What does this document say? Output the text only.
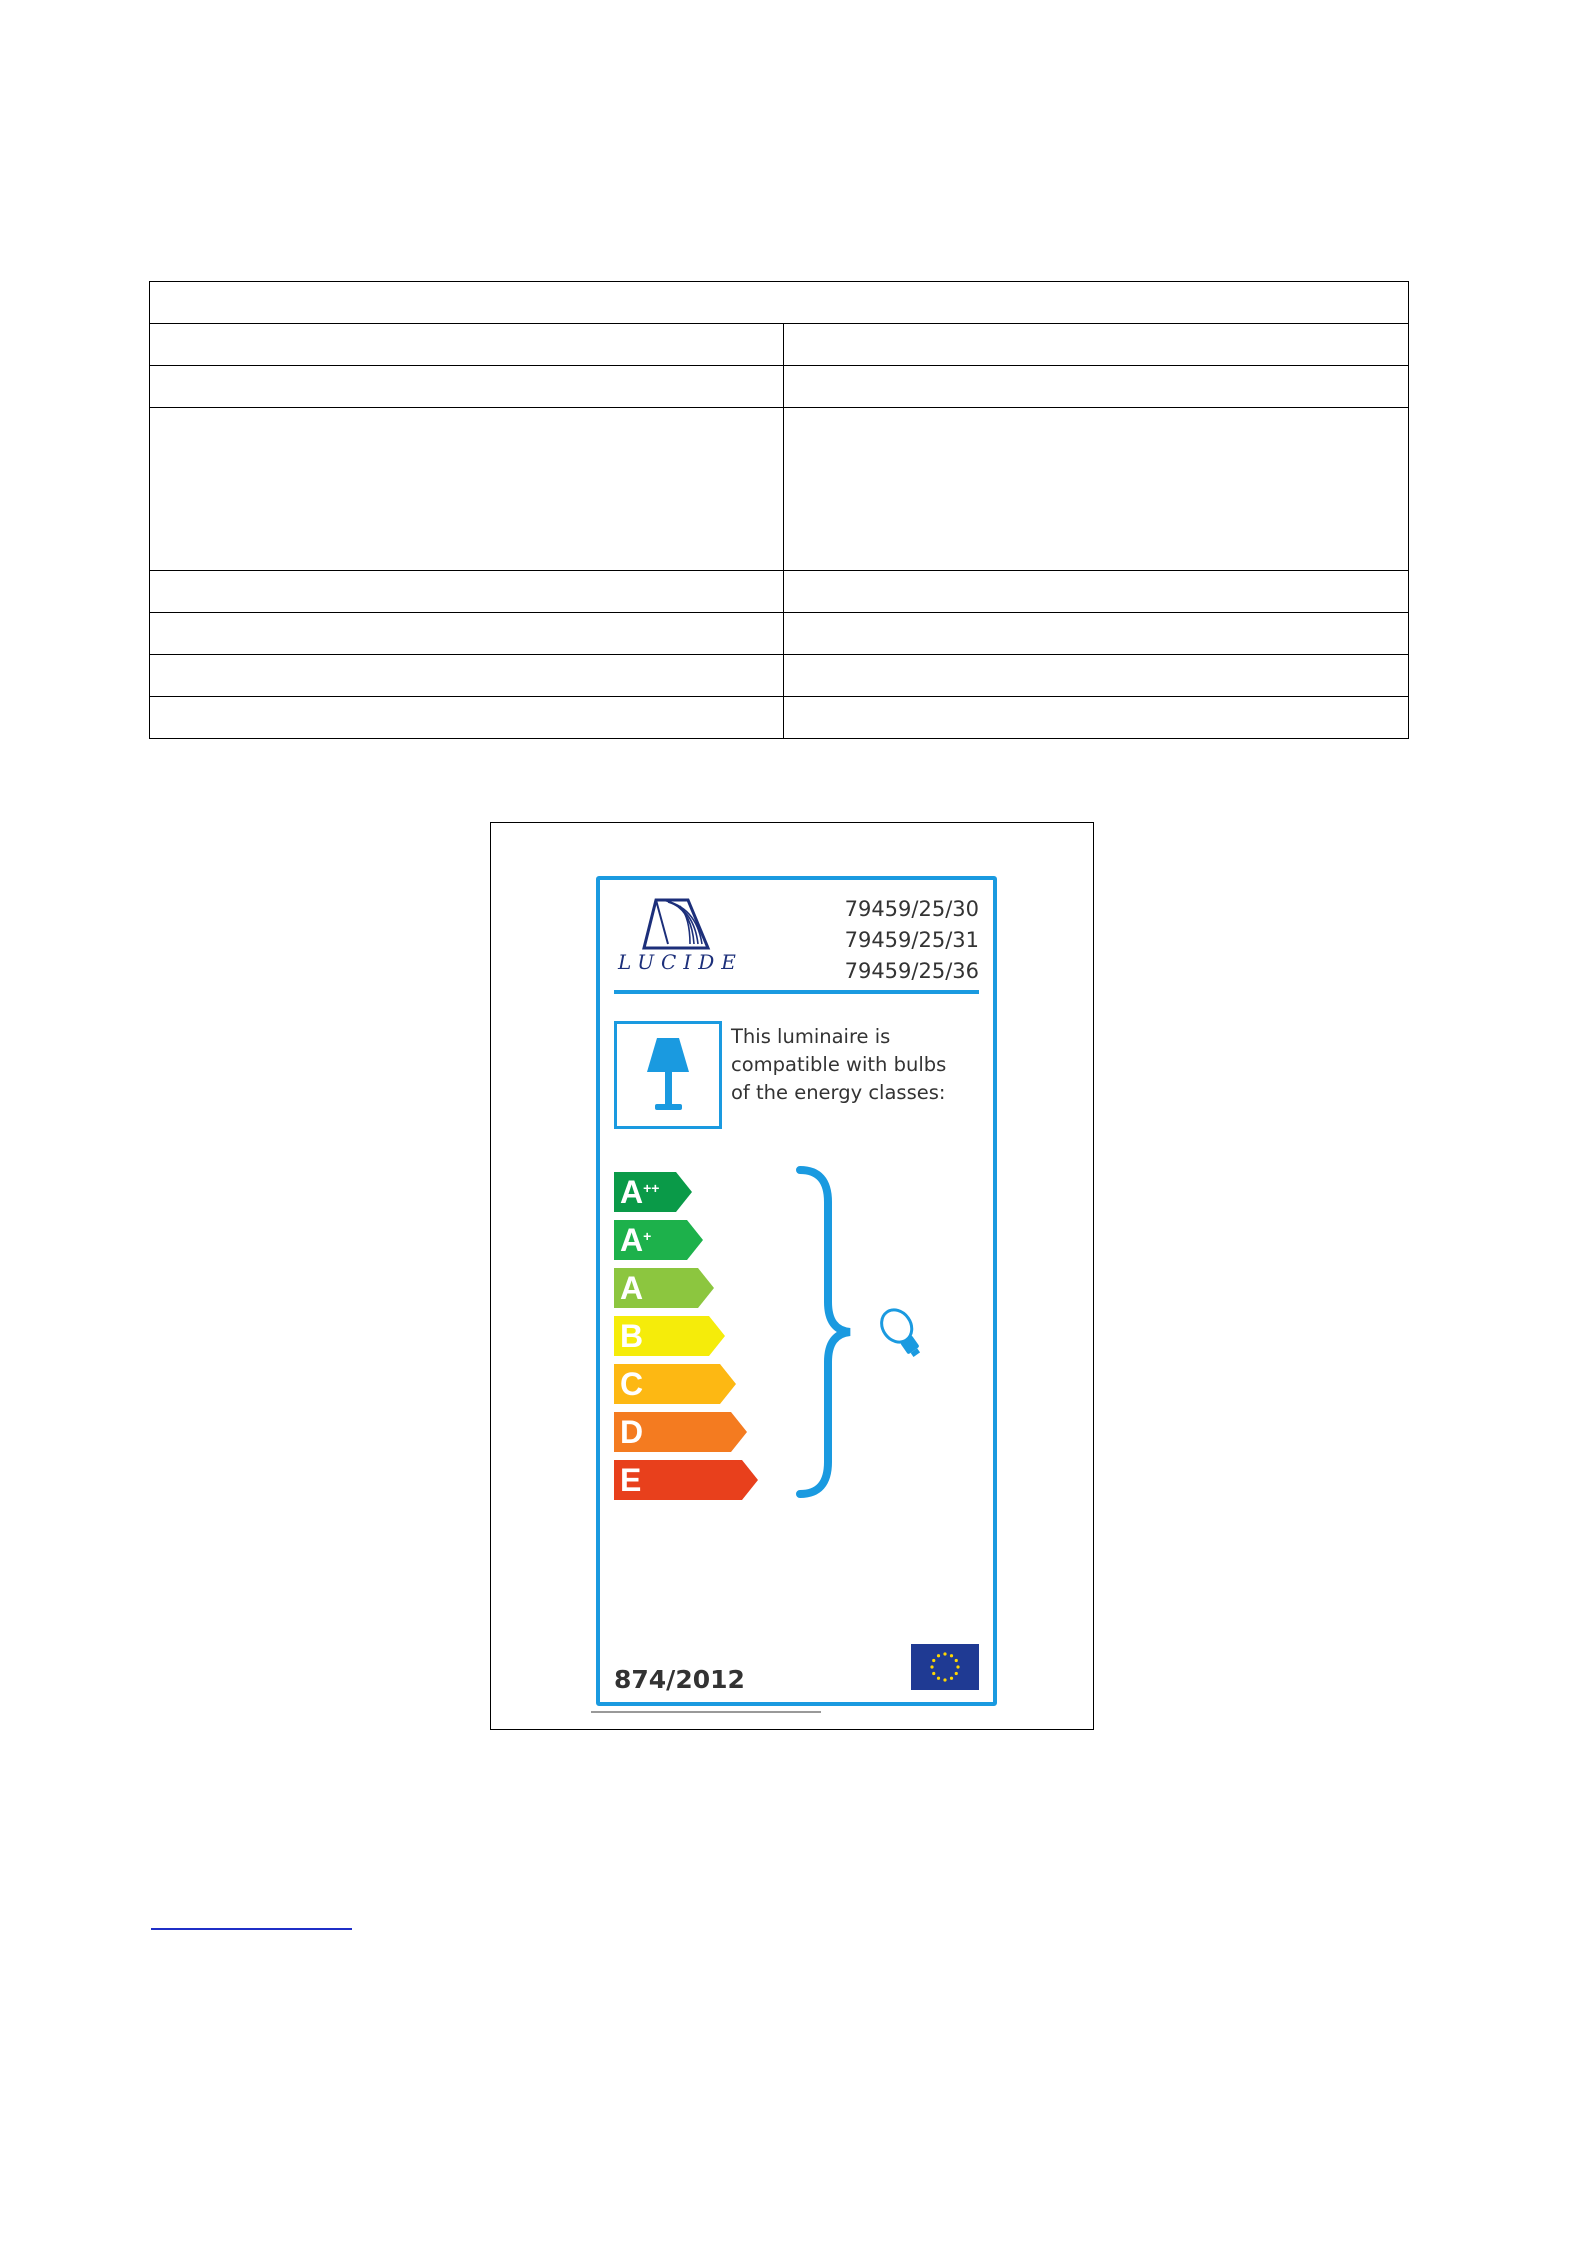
LUCIDE
79459/25/30
79459/25/31
79459/25/36
This luminaire is
compatible with bulbs
of the energy classes:
A++
A+
A
B
C
D
E
874/2012
